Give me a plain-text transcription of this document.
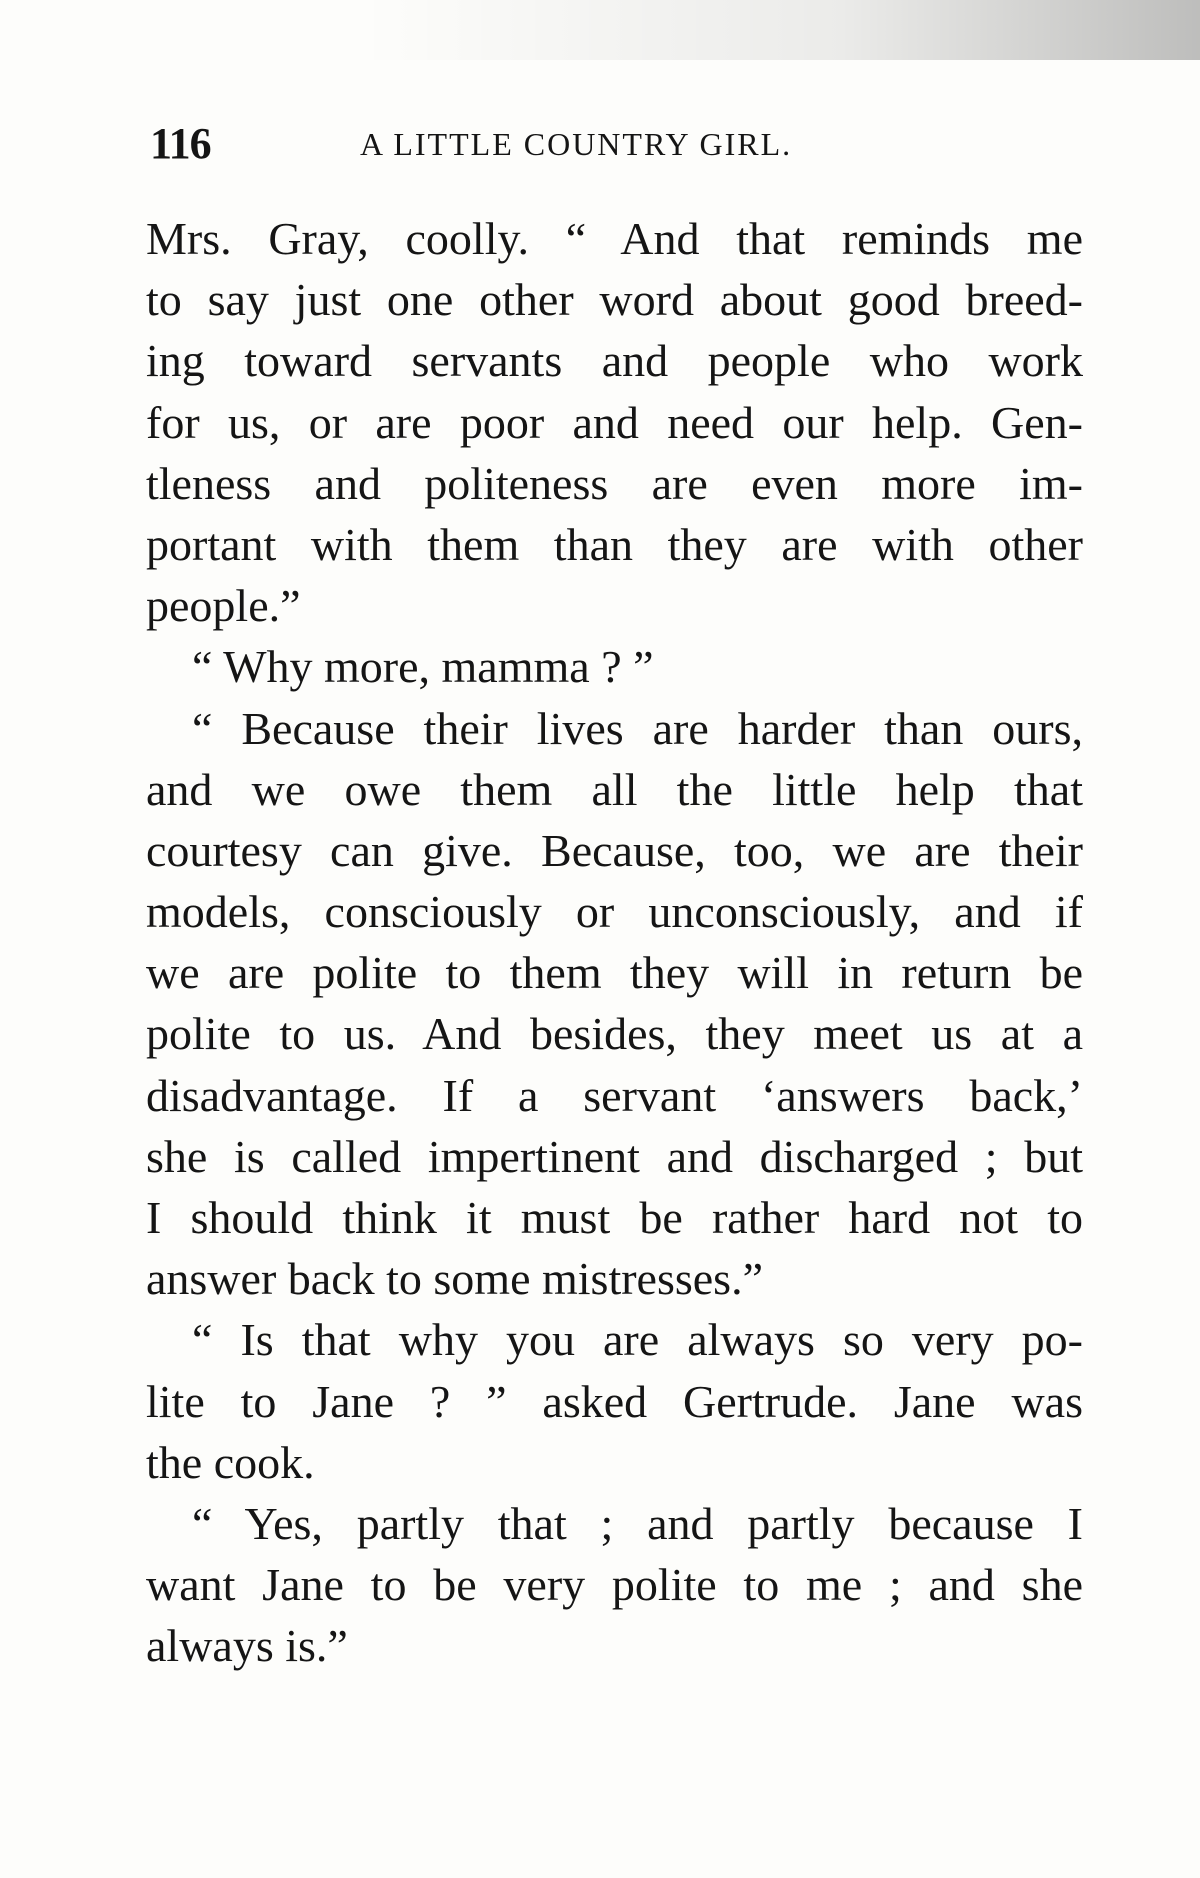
116	A LITTLE COUNTRY GIRL.
Mrs. Gray, coolly. “ And that reminds me
to say just one other word about good breed-
ing toward servants and people who work
for us, or are poor and need our help. Gen-
tleness and politeness are even more im-
portant with them than they are with other
people.”
“ Why more, mamma ? ”
“ Because their lives are harder than ours,
and we owe them all the little help that
courtesy can give. Because, too, we are their
models, consciously or unconsciously, and if
we are polite to them they will in return be
polite to us. And besides, they meet us at a
disadvantage. If a servant ‘answers back,’
she is called impertinent and discharged ; but
I should think it must be rather hard not to
answer back to some mistresses.”
“ Is that why you are always so very po-
lite to Jane ? ” asked Gertrude. Jane was
the cook.
“ Yes, partly that ; and partly because I
want Jane to be very polite to me ; and she
always is.”
